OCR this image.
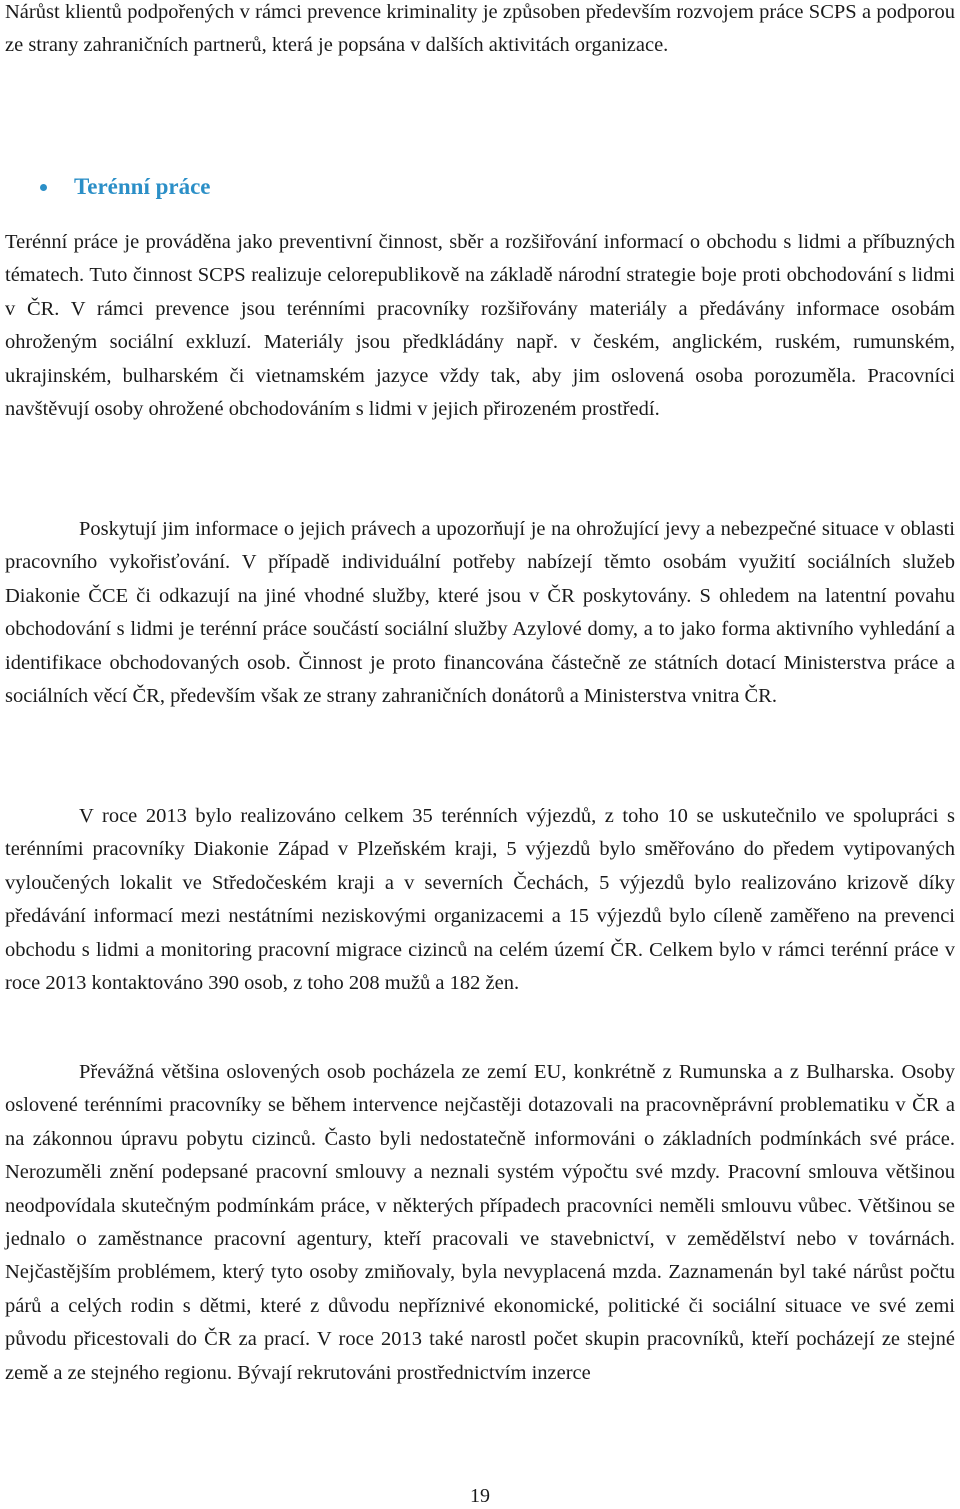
Nárůst klientů podpořených v rámci prevence kriminality je způsoben především rozvojem práce SCPS a podporou ze strany zahraničních partnerů, která je popsána v dalších aktivitách organizace.

Terénní práce

Terénní práce je prováděna jako preventivní činnost, sběr a rozšiřování informací o obchodu s lidmi a příbuzných tématech. Tuto činnost SCPS realizuje celorepublikově na základě národní strategie boje proti obchodování s lidmi v ČR. V rámci prevence jsou terénními pracovníky rozšiřovány materiály a předávány informace osobám ohroženým sociální exkluzí. Materiály jsou předkládány např. v českém, anglickém, ruském, rumunském, ukrajinském, bulharském či vietnamském jazyce vždy tak, aby jim oslovená osoba porozuměla. Pracovníci navštěvují osoby ohrožené obchodováním s lidmi v jejich přirozeném prostředí.

Poskytují jim informace o jejich právech a upozorňují je na ohrožující jevy a nebezpečné situace v oblasti pracovního vykořisťování. V případě individuální potřeby nabízejí těmto osobám využití sociálních služeb Diakonie ČCE či odkazují na jiné vhodné služby, které jsou v ČR poskytovány. S ohledem na latentní povahu obchodování s lidmi je terénní práce součástí sociální služby Azylové domy, a to jako forma aktivního vyhledání a identifikace obchodovaných osob. Činnost je proto financována částečně ze státních dotací Ministerstva práce a sociálních věcí ČR, především však ze strany zahraničních donátorů a Ministerstva vnitra ČR.

V roce 2013 bylo realizováno celkem 35 terénních výjezdů, z toho 10 se uskutečnilo ve spolupráci s terénními pracovníky Diakonie Západ v Plzeňském kraji, 5 výjezdů bylo směřováno do předem vytipovaných vyloučených lokalit ve Středočeském kraji a v severních Čechách, 5 výjezdů bylo realizováno krizově díky předávání informací mezi nestátními neziskovými organizacemi a 15 výjezdů bylo cíleně zaměřeno na prevenci obchodu s lidmi a monitoring pracovní migrace cizinců na celém území ČR. Celkem bylo v rámci terénní práce v roce 2013 kontaktováno 390 osob, z toho 208 mužů a 182 žen.

Převážná většina oslovených osob pocházela ze zemí EU, konkrétně z Rumunska a z Bulharska. Osoby oslovené terénními pracovníky se během intervence nejčastěji dotazovali na pracovněprávní problematiku v ČR a na zákonnou úpravu pobytu cizinců. Často byli nedostatečně informováni o základních podmínkách své práce. Nerozuměli znění podepsané pracovní smlouvy a neznali systém výpočtu své mzdy. Pracovní smlouva většinou neodpovídala skutečným podmínkám práce, v některých případech pracovníci neměli smlouvu vůbec. Většinou se jednalo o zaměstnance pracovní agentury, kteří pracovali ve stavebnictví, v zemědělství nebo v továrnách. Nejčastějším problémem, který tyto osoby zmiňovaly, byla nevyplacená mzda. Zaznamenán byl také nárůst počtu párů a celých rodin s dětmi, které z důvodu nepříznivé ekonomické, politické či sociální situace ve své zemi původu přicestovali do ČR za prací. V roce 2013 také narostl počet skupin pracovníků, kteří pocházejí ze stejné země a ze stejného regionu. Bývají rekrutováni prostřednictvím inzerce

19
